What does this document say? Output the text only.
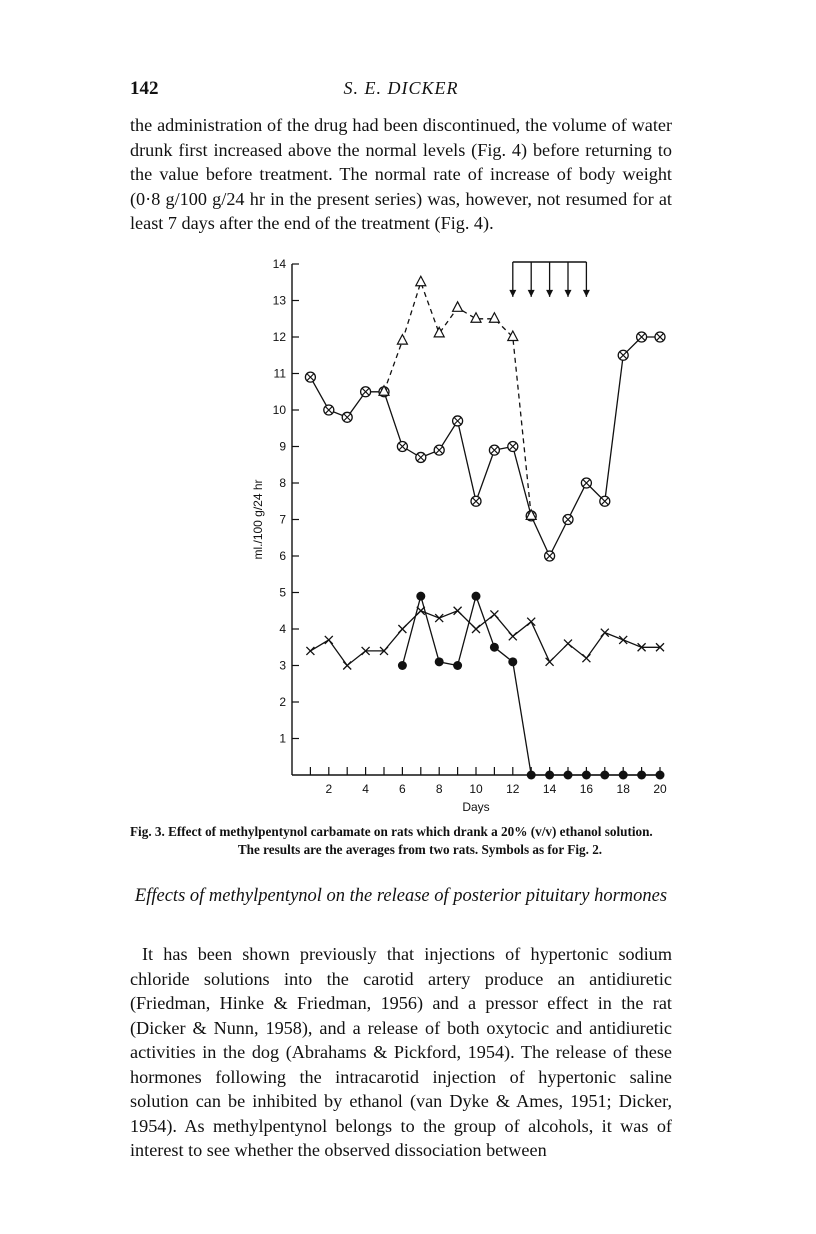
142	S. E. DICKER

the administration of the drug had been discontinued, the volume of water drunk first increased above the normal levels (Fig. 4) before returning to the value before treatment. The normal rate of increase of body weight (0·8 g/100 g/24 hr in the present series) was, however, not resumed for at least 7 days after the end of the treatment (Fig. 4).

1
2
3
4
5
6
7
8
9
10
11
12
13
14
2	4	6	8 10 12 14 16 18 20
Days
ml./100 g/24 hr
Fig. 3. Effect of methylpentynol carbamate on rats which drank a 20% (v/v) ethanol solution.
The results are the averages from two rats. Symbols as for Fig. 2.
Effects of methylpentynol on the release of posterior pituitary hormones

It has been shown previously that injections of hypertonic sodium chloride solutions into the carotid artery produce an antidiuretic (Friedman, Hinke & Friedman, 1956) and a pressor effect in the rat (Dicker & Nunn, 1958), and a release of both oxytocic and antidiuretic activities in the dog (Abrahams & Pickford, 1954). The release of these hormones following the intracarotid injection of hypertonic saline solution can be inhibited by ethanol (van Dyke & Ames, 1951; Dicker, 1954). As methylpentynol belongs to the group of alcohols, it was of interest to see whether the observed dissociation between
